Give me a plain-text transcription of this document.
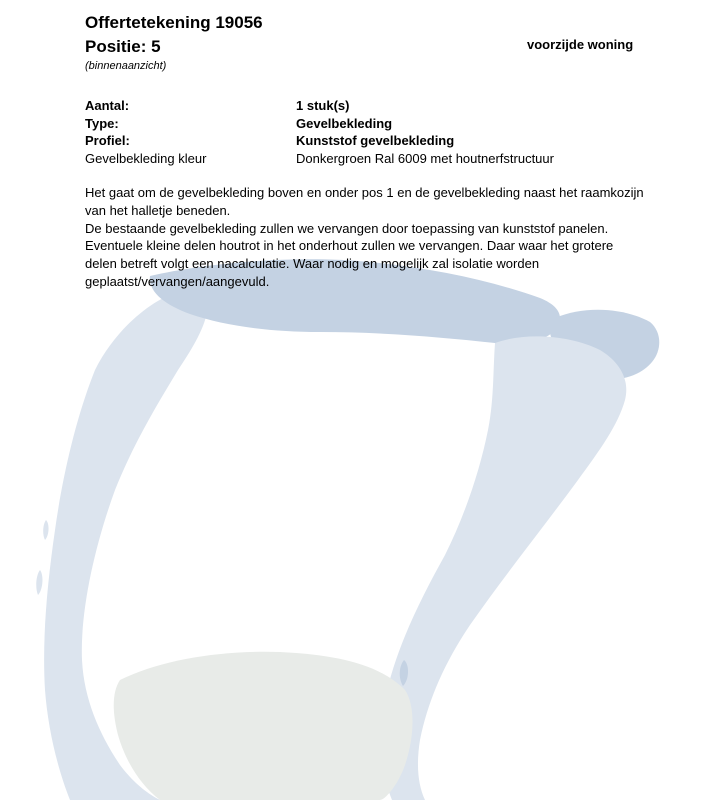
Offertetekening 19056
Positie: 5	voorzijde woning
(binnenaanzicht)
Aantal:	1 stuk(s)
Type:	Gevelbekleding
Profiel:	Kunststof gevelbekleding
Gevelbekleding kleur	Donkergroen Ral 6009 met houtnerfstructuur

Het gaat om de gevelbekleding boven en onder pos 1 en de gevelbekleding naast het raamkozijn van het halletje beneden.

De bestaande gevelbekleding zullen we vervangen door toepassing van kunststof panelen. Eventuele kleine delen houtrot in het onderhout zullen we vervangen. Daar waar het grotere delen betreft volgt een nacalculatie. Waar nodig en mogelijk zal isolatie worden geplaatst/vervangen/aangevuld.
